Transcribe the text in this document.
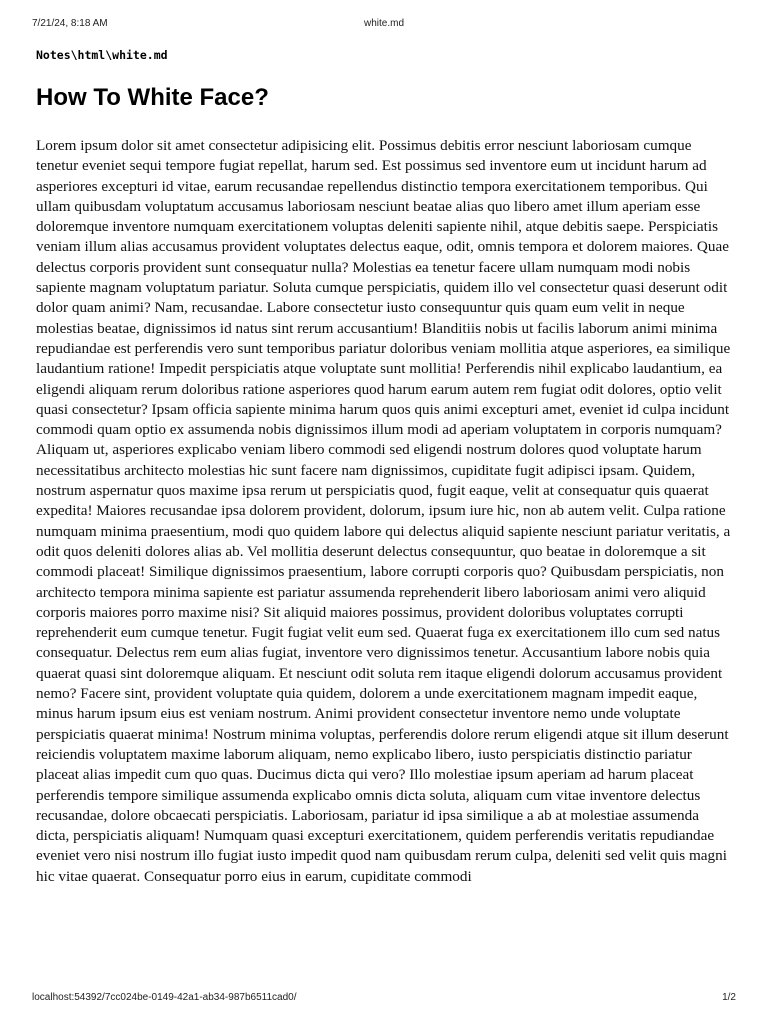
7/21/24, 8:18 AM	white.md
Notes\html\white.md
How To White Face?

Lorem ipsum dolor sit amet consectetur adipisicing elit. Possimus debitis error nesciunt laboriosam cumque tenetur eveniet sequi tempore fugiat repellat, harum sed. Est possimus sed inventore eum ut incidunt harum ad asperiores excepturi id vitae, earum recusandae repellendus distinctio tempora exercitationem temporibus. Qui ullam quibusdam voluptatum accusamus laboriosam nesciunt beatae alias quo libero amet illum aperiam esse doloremque inventore numquam exercitationem voluptas deleniti sapiente nihil, atque debitis saepe. Perspiciatis veniam illum alias accusamus provident voluptates delectus eaque, odit, omnis tempora et dolorem maiores. Quae delectus corporis provident sunt consequatur nulla? Molestias ea tenetur facere ullam numquam modi nobis sapiente magnam voluptatum pariatur. Soluta cumque perspiciatis, quidem illo vel consectetur quasi deserunt odit dolor quam animi? Nam, recusandae. Labore consectetur iusto consequuntur quis quam eum velit in neque molestias beatae, dignissimos id natus sint rerum accusantium! Blanditiis nobis ut facilis laborum animi minima repudiandae est perferendis vero sunt temporibus pariatur doloribus veniam mollitia atque asperiores, ea similique laudantium ratione! Impedit perspiciatis atque voluptate sunt mollitia! Perferendis nihil explicabo laudantium, ea eligendi aliquam rerum doloribus ratione asperiores quod harum earum autem rem fugiat odit dolores, optio velit quasi consectetur? Ipsam officia sapiente minima harum quos quis animi excepturi amet, eveniet id culpa incidunt commodi quam optio ex assumenda nobis dignissimos illum modi ad aperiam voluptatem in corporis numquam? Aliquam ut, asperiores explicabo veniam libero commodi sed eligendi nostrum dolores quod voluptate harum necessitatibus architecto molestias hic sunt facere nam dignissimos, cupiditate fugit adipisci ipsam. Quidem, nostrum aspernatur quos maxime ipsa rerum ut perspiciatis quod, fugit eaque, velit at consequatur quis quaerat expedita! Maiores recusandae ipsa dolorem provident, dolorum, ipsum iure hic, non ab autem velit. Culpa ratione numquam minima praesentium, modi quo quidem labore qui delectus aliquid sapiente nesciunt pariatur veritatis, a odit quos deleniti dolores alias ab. Vel mollitia deserunt delectus consequuntur, quo beatae in doloremque a sit commodi placeat! Similique dignissimos praesentium, labore corrupti corporis quo? Quibusdam perspiciatis, non architecto tempora minima sapiente est pariatur assumenda reprehenderit libero laboriosam animi vero aliquid corporis maiores porro maxime nisi? Sit aliquid maiores possimus, provident doloribus voluptates corrupti reprehenderit eum cumque tenetur. Fugit fugiat velit eum sed. Quaerat fuga ex exercitationem illo cum sed natus consequatur. Delectus rem eum alias fugiat, inventore vero dignissimos tenetur. Accusantium labore nobis quia quaerat quasi sint doloremque aliquam. Et nesciunt odit soluta rem itaque eligendi dolorum accusamus provident nemo? Facere sint, provident voluptate quia quidem, dolorem a unde exercitationem magnam impedit eaque, minus harum ipsum eius est veniam nostrum. Animi provident consectetur inventore nemo unde voluptate perspiciatis quaerat minima! Nostrum minima voluptas, perferendis dolore rerum eligendi atque sit illum deserunt reiciendis voluptatem maxime laborum aliquam, nemo explicabo libero, iusto perspiciatis distinctio pariatur placeat alias impedit cum quo quas. Ducimus dicta qui vero? Illo molestiae ipsum aperiam ad harum placeat perferendis tempore similique assumenda explicabo omnis dicta soluta, aliquam cum vitae inventore delectus recusandae, dolore obcaecati perspiciatis. Laboriosam, pariatur id ipsa similique a ab at molestiae assumenda dicta, perspiciatis aliquam! Numquam quasi excepturi exercitationem, quidem perferendis veritatis repudiandae eveniet vero nisi nostrum illo fugiat iusto impedit quod nam quibusdam rerum culpa, deleniti sed velit quis magni hic vitae quaerat. Consequatur porro eius in earum, cupiditate commodi

localhost:54392/7cc024be-0149-42a1-ab34-987b6511cad0/	1/2
